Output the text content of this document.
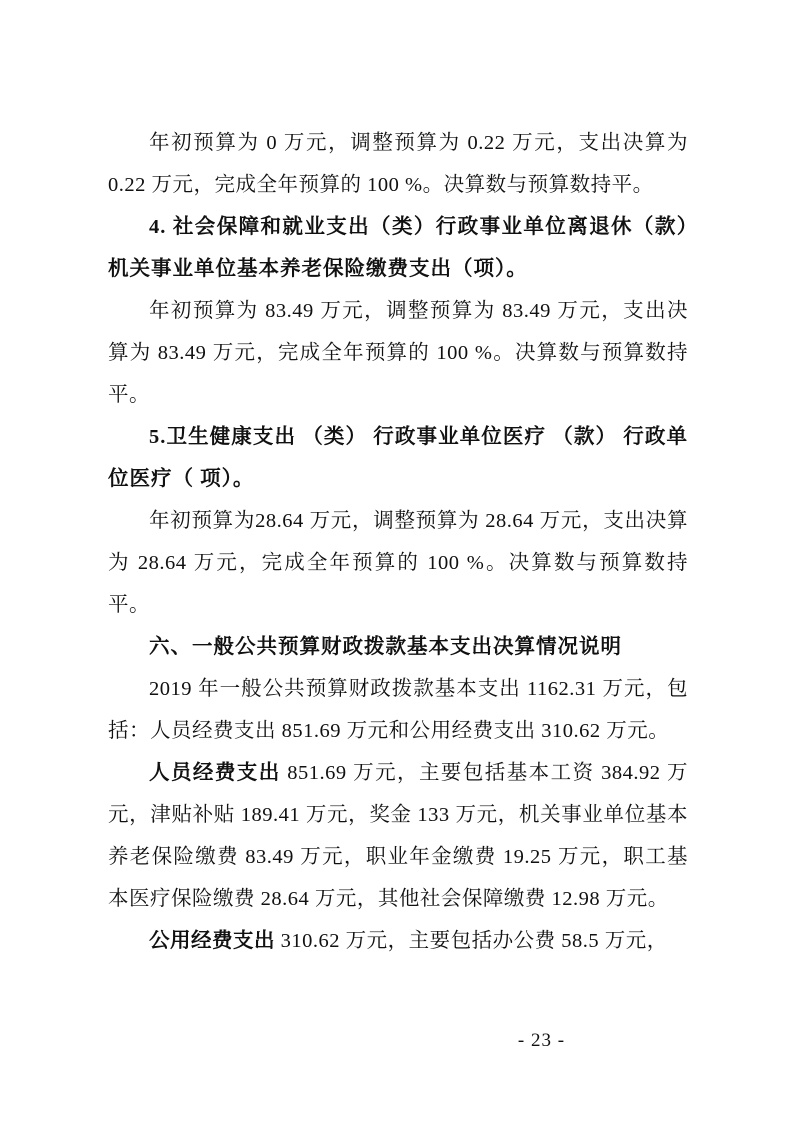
年初预算为 0 万元，调整预算为 0.22 万元，支出决算为 0.22 万元，完成全年预算的 100 %。决算数与预算数持平。

4. 社会保障和就业支出（类）行政事业单位离退休（款）机关事业单位基本养老保险缴费支出（项）。

年初预算为 83.49 万元，调整预算为 83.49 万元，支出决算为 83.49 万元，完成全年预算的 100 %。决算数与预算数持平。

5.卫生健康支出 （类） 行政事业单位医疗 （款） 行政单位医疗（ 项）。

年初预算为28.64 万元，调整预算为 28.64 万元，支出决算为 28.64 万元，完成全年预算的 100 %。决算数与预算数持平。

六、一般公共预算财政拨款基本支出决算情况说明

2019 年一般公共预算财政拨款基本支出 1162.31 万元，包括：人员经费支出 851.69 万元和公用经费支出 310.62 万元。

人员经费支出 851.69 万元，主要包括基本工资 384.92 万元，津贴补贴 189.41 万元，奖金 133 万元，机关事业单位基本养老保险缴费 83.49 万元，职业年金缴费 19.25 万元，职工基本医疗保险缴费 28.64 万元，其他社会保障缴费 12.98 万元。

公用经费支出 310.62 万元，主要包括办公费 58.5 万元，

- 23 -
